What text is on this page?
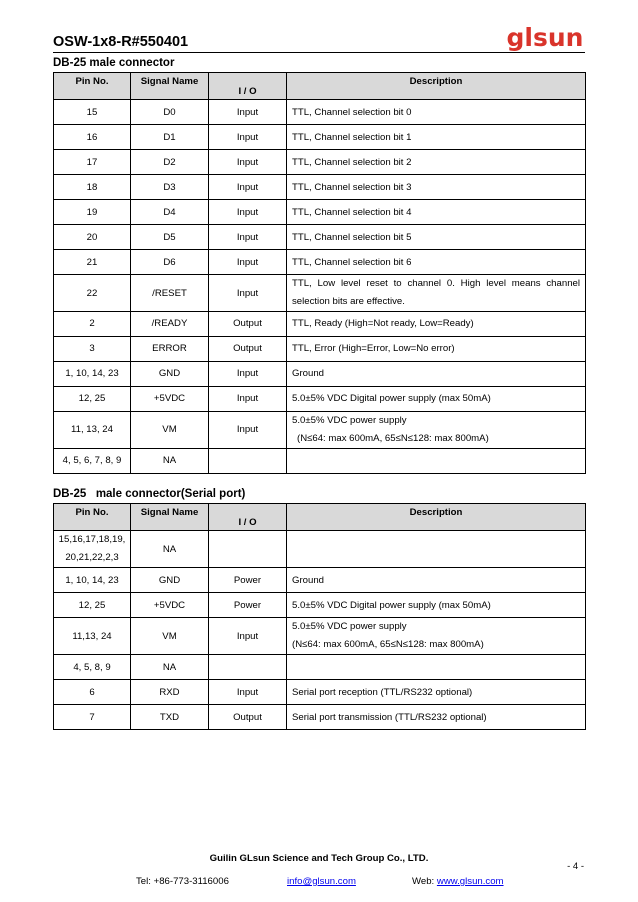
OSW-1x8-R#550401	glsun
DB-25 male connector
Pin No.	Signal Name	I / O	Description
15	D0	Input	TTL, Channel selection bit 0
16	D1	Input	TTL, Channel selection bit 1
17	D2	Input	TTL, Channel selection bit 2
18	D3	Input	TTL, Channel selection bit 3
19	D4	Input	TTL, Channel selection bit 4
20	D5	Input	TTL, Channel selection bit 5
21	D6	Input	TTL, Channel selection bit 6
22	/RESET	Input	TTL, Low level reset to channel 0. High level means channel selection bits are effective.
2	/READY	Output	TTL, Ready (High=Not ready, Low=Ready)
3	ERROR	Output	TTL, Error (High=Error, Low=No error)
1, 10, 14, 23	GND	Input	Ground
12, 25	+5VDC	Input	5.0±5% VDC Digital power supply (max 50mA)
11, 13, 24	VM	Input	5.0±5% VDC power supply
(N≤64: max 600mA, 65≤N≤128: max 800mA)

4, 5, 6, 7, 8, 9	NA		
DB-25   male connector(Serial port)
Pin No.	Signal Name	I / O	Description

15,16,17,18,19,
20,21,22,2,3	NA		
1, 10, 14, 23	GND	Power	Ground
12, 25	+5VDC	Power	5.0±5% VDC Digital power supply (max 50mA)
11,13, 24	VM	Input	5.0±5% VDC power supply
(N≤64: max 600mA, 65≤N≤128: max 800mA)

4, 5, 8, 9	NA		
6	RXD	Input	Serial port reception (TTL/RS232 optional)
7	TXD	Output	Serial port transmission (TTL/RS232 optional)
Guilin GLsun Science and Tech Group Co., LTD.
- 4 -
Tel: +86-773-3116006	info@glsun.com	Web: www.glsun.com
